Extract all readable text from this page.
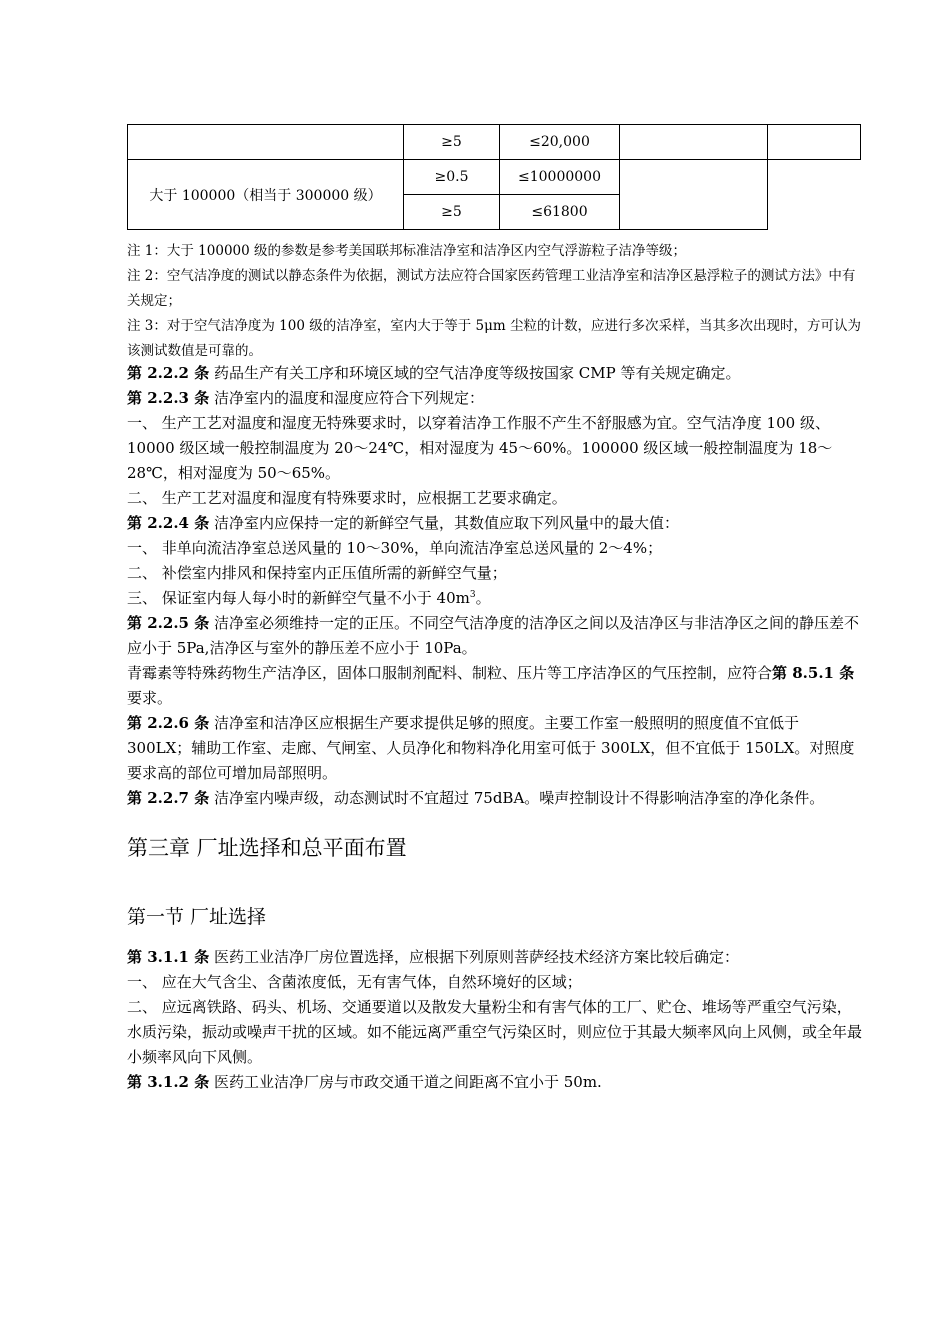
	≥5	≤20,000		
大于 100000（相当于 300000 级）	≥0.5	≤10000000		
	≥5	≤61800		

注 1：大于 100000 级的参数是参考美国联邦标准洁净室和洁净区内空气浮游粒子洁净等级；

注 2：空气洁净度的测试以静态条件为依据，测试方法应符合国家医药管理工业洁净室和洁净区悬浮粒子的测试方法》中有关规定；

注 3：对于空气洁净度为 100 级的洁净室，室内大于等于 5μm 尘粒的计数，应进行多次采样，当其多次出现时，方可认为该测试数值是可靠的。

第 2.2.2 条 药品生产有关工序和环境区域的空气洁净度等级按国家 CMP 等有关规定确定。

第 2.2.3 条 洁净室内的温度和湿度应符合下列规定：

一、 生产工艺对温度和湿度无特殊要求时，以穿着洁净工作服不产生不舒服感为宜。空气洁净度 100 级、10000 级区域一般控制温度为 20～24℃，相对湿度为 45～60%。100000 级区域一般控制温度为 18～28℃，相对湿度为 50～65%。

二、 生产工艺对温度和湿度有特殊要求时，应根据工艺要求确定。

第 2.2.4 条 洁净室内应保持一定的新鲜空气量，其数值应取下列风量中的最大值：

一、 非单向流洁净室总送风量的 10～30%，单向流洁净室总送风量的 2～4%；

二、 补偿室内排风和保持室内正压值所需的新鲜空气量；

三、 保证室内每人每小时的新鲜空气量不小于 $40m^3$。

第 2.2.5 条 洁净室必须维持一定的正压。不同空气洁净度的洁净区之间以及洁净区与非洁净区之间的静压差不应小于 5Pa,洁净区与室外的静压差不应小于 10Pa。

青霉素等特殊药物生产洁净区，固体口服制剂配料、制粒、压片等工序洁净区的气压控制，应符合第 8.5.1 条要求。

第 2.2.6 条 洁净室和洁净区应根据生产要求提供足够的照度。主要工作室一般照明的照度值不宜低于 300LX；辅助工作室、走廊、气闸室、人员净化和物料净化用室可低于 300LX，但不宜低于 150LX。对照度要求高的部位可增加局部照明。

第 2.2.7 条 洁净室内噪声级，动态测试时不宜超过 75dBA。噪声控制设计不得影响洁净室的净化条件。

第三章 厂址选择和总平面布置

第一节 厂址选择

第 3.1.1 条 医药工业洁净厂房位置选择，应根据下列原则菩萨经技术经济方案比较后确定：

一、 应在大气含尘、含菌浓度低，无有害气体，自然环境好的区域；

二、 应远离铁路、码头、机场、交通要道以及散发大量粉尘和有害气体的工厂、贮仓、堆场等严重空气污染，水质污染，振动或噪声干扰的区域。如不能远离严重空气污染区时，则应位于其最大频率风向上风侧，或全年最小频率风向下风侧。

第 3.1.2 条 医药工业洁净厂房与市政交通干道之间距离不宜小于 50m.
